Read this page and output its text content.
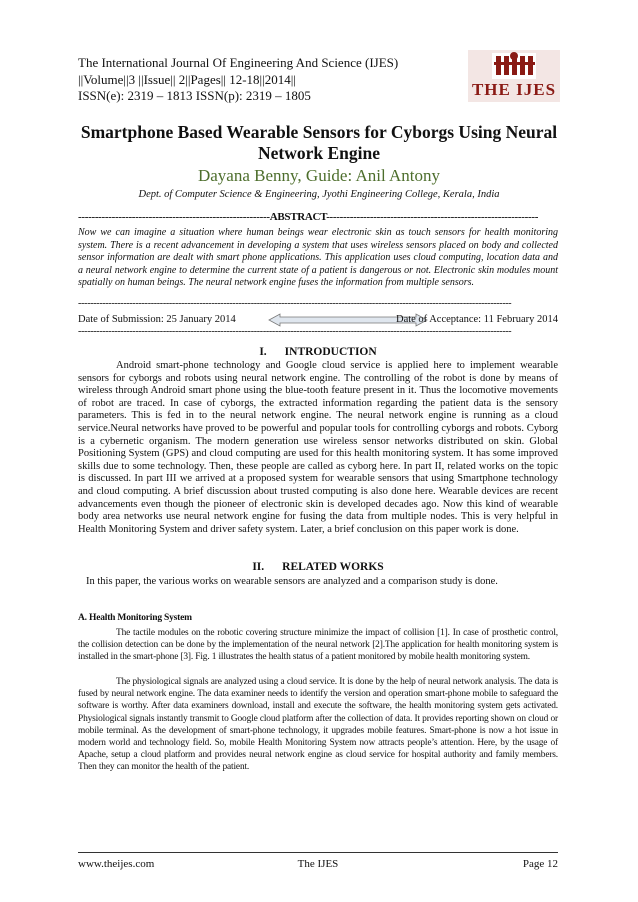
The International Journal Of Engineering And Science (IJES)
||Volume||3 ||Issue|| 2||Pages|| 12-18||2014||
ISSN(e): 2319 – 1813 ISSN(p): 2319 – 1805	THE IJES
Smartphone Based Wearable Sensors for Cyborgs Using Neural Network Engine
Dayana Benny, Guide: Anil Antony
Dept. of Computer Science & Engineering, Jyothi Engineering College, Kerala, India
---------------------------------------------------------ABSTRACT---------------------------------------------------------------
Now we can imagine a situation where human beings wear electronic skin as touch sensors for health monitoring system. There is a recent advancement in developing a system that uses wireless sensors placed on body and collected sensor information are dealt with smart phone applications. This application uses cloud computing, location data and a neural network engine to determine the current state of a patient is dangerous or not. Electronic skin modules mount spatially on human beings. The neural network engine fuses the information from multiple sensors.
-----------------------------------------------------------------------------------------------------------------------------------------------
Date of Submission: 25 January 2014	Date of Acceptance: 11 February 2014
-----------------------------------------------------------------------------------------------------------------------------------------------
I. INTRODUCTION
Android smart-phone technology and Google cloud service is applied here to implement wearable sensors for cyborgs and robots using neural network engine. The controlling of the robot is done by means of wireless through Android smart phone using the blue-tooth feature present in it. Thus the locomotive movements of robot are traced. In case of cyborgs, the extracted information regarding the patient data is the sensory parameters. This is fed in to the neural network engine. The neural network engine is running as a cloud service.Neural networks have proved to be powerful and popular tools for controlling cyborgs and robots. Cyborg is a cybernetic organism. The modern generation use wireless sensor networks distributed on skin. Global Positioning System (GPS) and cloud computing are used for this health monitoring system. It has some improved skills due to some technology. Then, these people are called as cyborg here. In part II, related works on the topic is discussed. In part III we arrived at a proposed system for wearable sensors that using Smartphone technology and cloud computing. A brief discussion about trusted computing is also done here. Wearable devices are recent advancements even though the pioneer of electronic skin is developed decades ago. Now this kind of wearable body area networks use neural network engine for fusing the data from multiple nodes. This is very helpful in Health Monitoring System and driver safety system. Later, a brief conclusion on this paper work is done.
II. RELATED WORKS
In this paper, the various works on wearable sensors are analyzed and a comparison study is done.
A. Health Monitoring System
The tactile modules on the robotic covering structure minimize the impact of collision [1]. In case of prosthetic control, the collision detection can be done by the implementation of the neural network [2].The application for health monitoring system is installed in the smart-phone [3]. Fig. 1 illustrates the health status of a patient monitored by mobile health monitoring system.
The physiological signals are analyzed using a cloud service. It is done by the help of neural network analysis. The data is fused by neural network engine. The data examiner needs to identify the version and operation smart-phone mobile to safeguard the software is worthy. After data examiners download, install and execute the software, the health monitoring system gets activated. Physiological signals instantly transmit to Google cloud platform after the collection of data. It provides reporting shown on cloud or mobile terminal. As the development of smart-phone technology, it upgrades mobile features. Smart-phone is now a hot issue in modern world and technology field. So, mobile Health Monitoring System now attracts people’s attention. Here, by the usage of Apache, setup a cloud platform and provides neural network engine as cloud service for hospital authority and family members. Then they can monitor the health of the patient.
www.theijes.com	The IJES	Page 12
